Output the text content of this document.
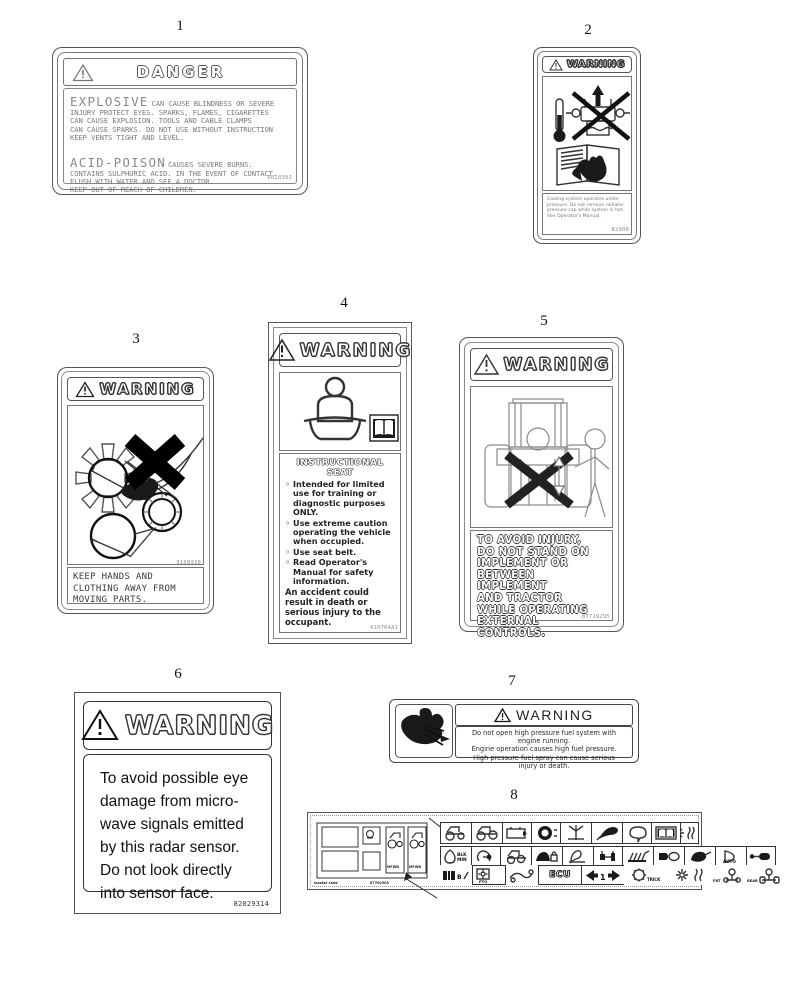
1	2
3
4
5
6	7
8
DANGER
EXPLOSIVE CAN CAUSE BLINDNESS OR SEVERE
INJURY PROTECT EYES. SPARKS, FLAMES, CIGARETTES
CAN CAUSE EXPLOSION. TOOLS AND CABLE CLAMPS
CAN CAUSE SPARKS. DO NOT USE WITHOUT INSTRUCTION
KEEP VENTS TIGHT AND LEVEL.
ACID-POISON CAUSES SEVERE BURNS.
CONTAINS SULPHURIC ACID. IN THE EVENT OF CONTACT.
FLUSH WITH WATER AND SEE A DOCTOR.
KEEP OUT OF REACH OF CHILDREN.
602030J
WARNING
Cooling system operates under
pressure. Do not remove radiator
pressure cap while system is hot.
See Operator's Manual.
82000
WARNING
KEEP HANDS AND
CLOTHING AWAY FROM
MOVING PARTS.
9108938
WARNING
INSTRUCTIONAL SEAT
◦ Intended for limited use for training or diagnostic purposes ONLY.
◦ Use extreme caution operating the vehicle when occupied.
◦ Use seat belt.
◦ Read Operator's Manual for safety information.
An accident could result in death or serious injury to the occupant.
410764A1
WARNING
TO AVOID INJURY,
DO NOT STAND ON
IMPLEMENT OR
BETWEEN IMPLEMENT
AND TRACTOR
WHILE OPERATING
EXTERNAL CONTROLS.
87719295
WARNING
To avoid possible eye
damage from micro-
wave signals emitted
by this radar sensor.
Do not look directly
into sensor face.
82029314
WARNING
Do not open high pressure fuel system with
engine running.
Engine operation causes high fuel pressure.
High pressure fuel spray can cause serious
injury or death.
MFWD	MFWD
master code	87702303
BLK
MIN	AUTO
B
PTO
ECU	1	TRICK	FRT	REAR
